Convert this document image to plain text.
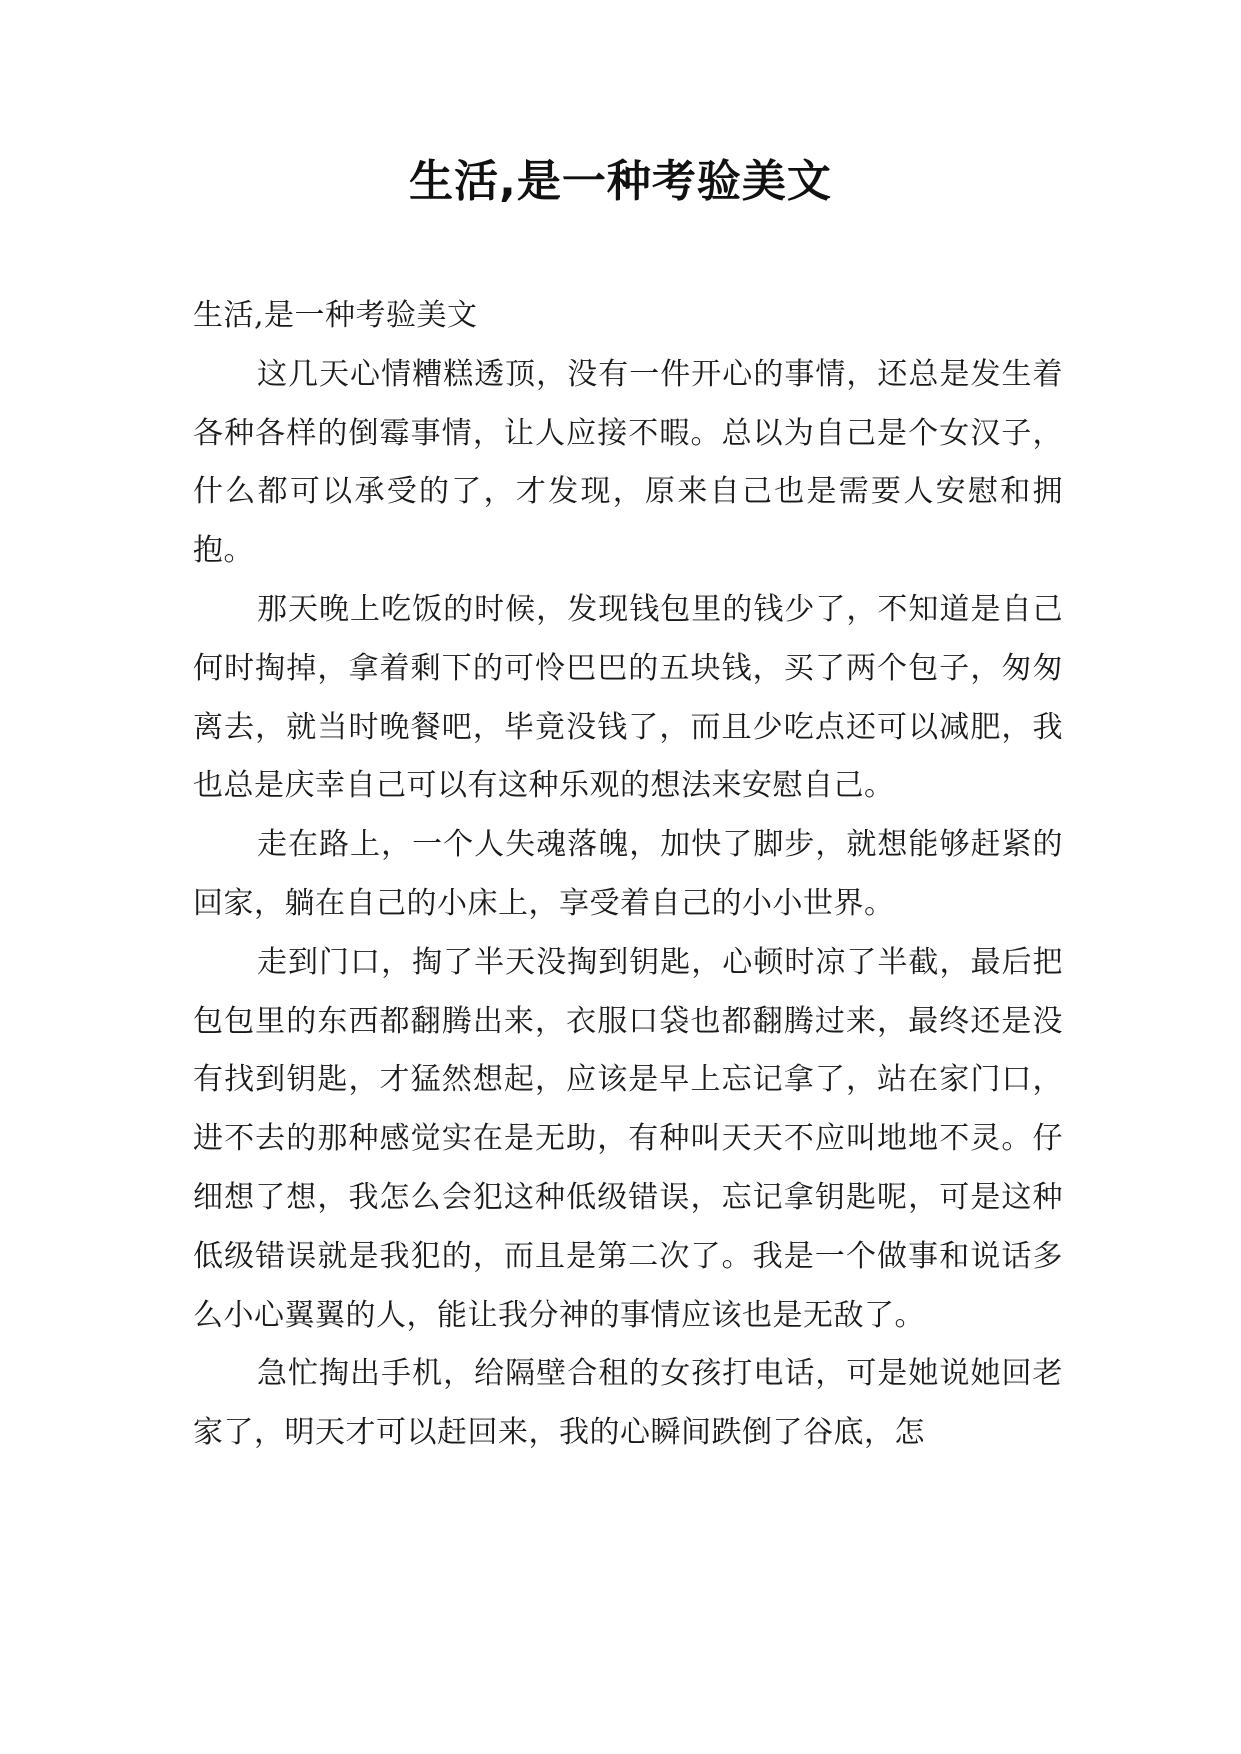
生活,是一种考验美文

生活,是一种考验美文

这几天心情糟糕透顶，没有一件开心的事情，还总是发生着各种各样的倒霉事情，让人应接不暇。总以为自己是个女汉子，什么都可以承受的了，才发现，原来自己也是需要人安慰和拥抱。

那天晚上吃饭的时候，发现钱包里的钱少了，不知道是自己何时掏掉，拿着剩下的可怜巴巴的五块钱，买了两个包子，匆匆离去，就当时晚餐吧，毕竟没钱了，而且少吃点还可以减肥，我也总是庆幸自己可以有这种乐观的想法来安慰自己。

走在路上，一个人失魂落魄，加快了脚步，就想能够赶紧的回家，躺在自己的小床上，享受着自己的小小世界。

走到门口，掏了半天没掏到钥匙，心顿时凉了半截，最后把包包里的东西都翻腾出来，衣服口袋也都翻腾过来，最终还是没有找到钥匙，才猛然想起，应该是早上忘记拿了，站在家门口，进不去的那种感觉实在是无助，有种叫天天不应叫地地不灵。仔细想了想，我怎么会犯这种低级错误，忘记拿钥匙呢，可是这种低级错误就是我犯的，而且是第二次了。我是一个做事和说话多么小心翼翼的人，能让我分神的事情应该也是无敌了。

急忙掏出手机，给隔壁合租的女孩打电话，可是她说她回老家了，明天才可以赶回来，我的心瞬间跌倒了谷底，怎
